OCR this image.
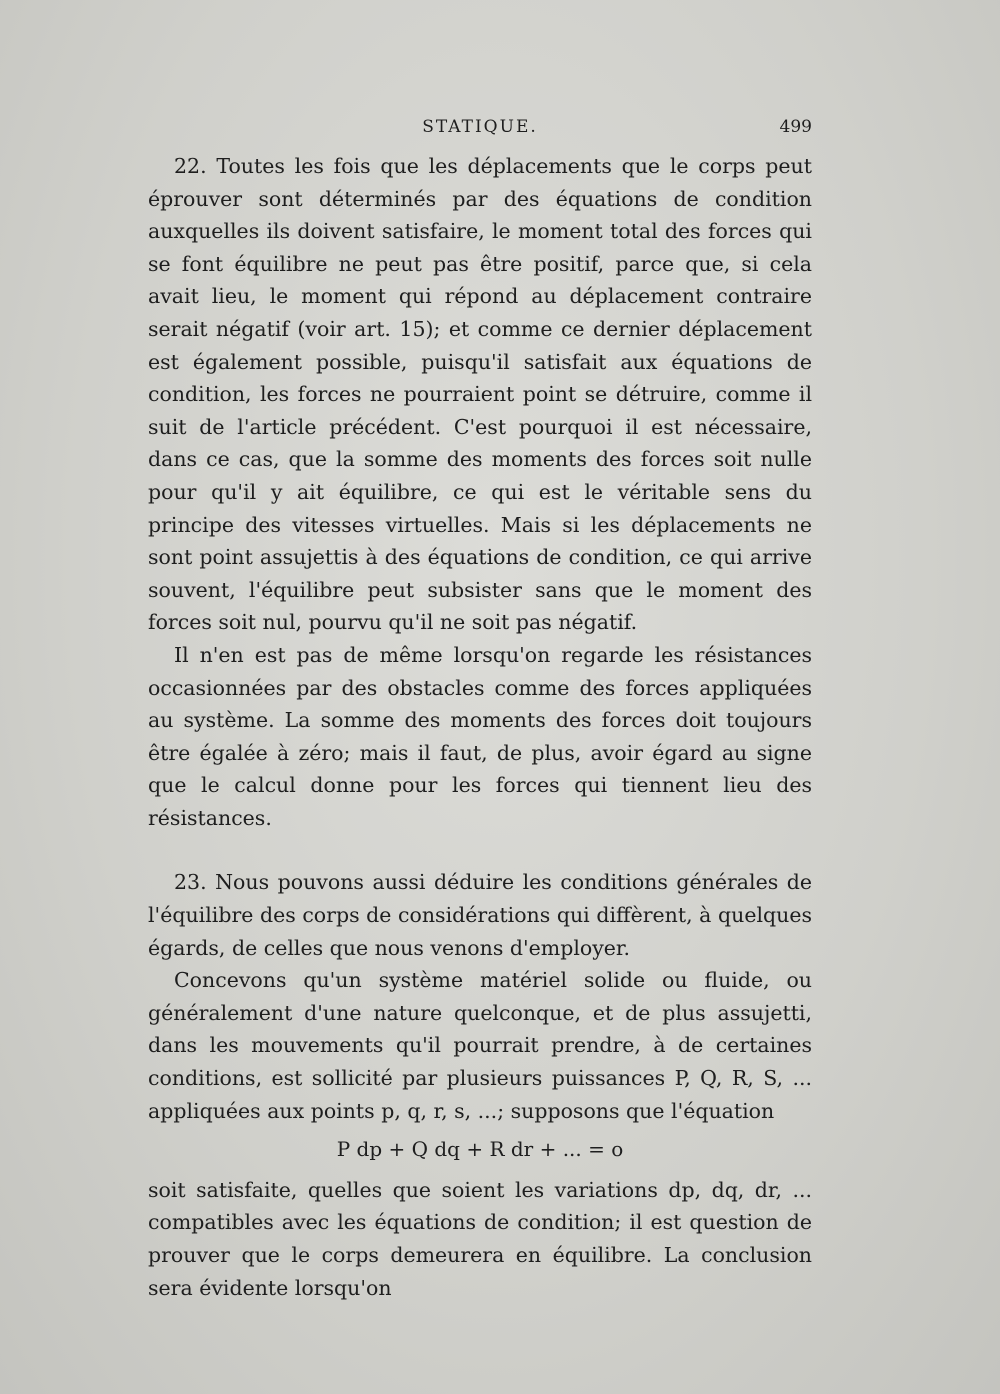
STATIQUE.	499

22. Toutes les fois que les déplacements que le corps peut éprouver sont déterminés par des équations de condition auxquelles ils doivent satisfaire, le moment total des forces qui se font équilibre ne peut pas être positif, parce que, si cela avait lieu, le moment qui répond au déplacement contraire serait négatif (voir art. 15); et comme ce dernier déplacement est également possible, puisqu'il satisfait aux équations de condition, les forces ne pourraient point se détruire, comme il suit de l'article précédent. C'est pourquoi il est nécessaire, dans ce cas, que la somme des moments des forces soit nulle pour qu'il y ait équilibre, ce qui est le véritable sens du principe des vitesses virtuelles. Mais si les déplacements ne sont point assujettis à des équations de condition, ce qui arrive souvent, l'équilibre peut subsister sans que le moment des forces soit nul, pourvu qu'il ne soit pas négatif.

Il n'en est pas de même lorsqu'on regarde les résistances occasionnées par des obstacles comme des forces appliquées au système. La somme des moments des forces doit toujours être égalée à zéro; mais il faut, de plus, avoir égard au signe que le calcul donne pour les forces qui tiennent lieu des résistances.

23. Nous pouvons aussi déduire les conditions générales de l'équilibre des corps de considérations qui diffèrent, à quelques égards, de celles que nous venons d'employer.

Concevons qu'un système matériel solide ou fluide, ou généralement d'une nature quelconque, et de plus assujetti, dans les mouvements qu'il pourrait prendre, à de certaines conditions, est sollicité par plusieurs puissances P, Q, R, S, ... appliquées aux points p, q, r, s, ...; supposons que l'équation

P dp + Q dq + R dr + ... = o

soit satisfaite, quelles que soient les variations dp, dq, dr, ... compatibles avec les équations de condition; il est question de prouver que le corps demeurera en équilibre. La conclusion sera évidente lorsqu'on
